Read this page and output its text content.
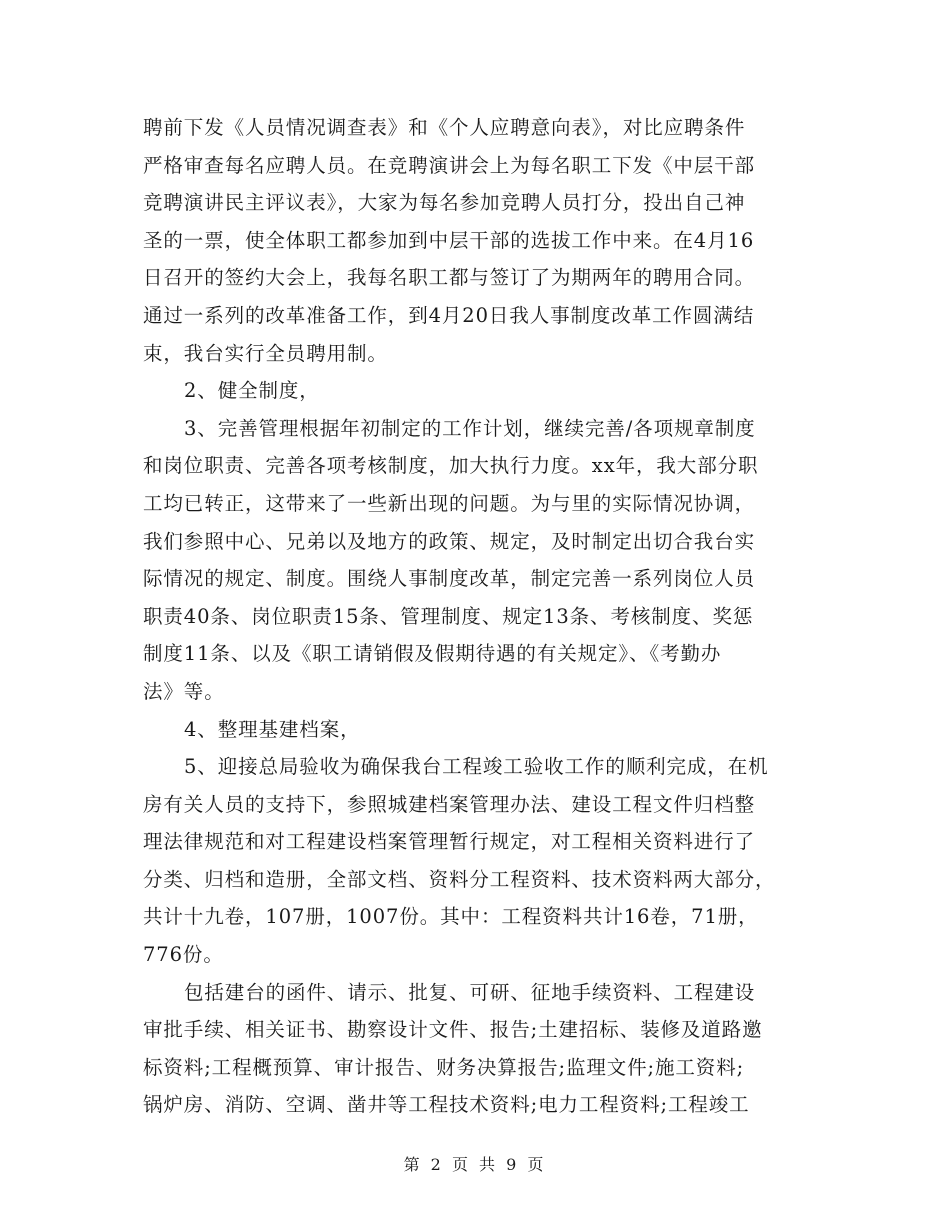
聘前下发《人员情况调查表》和《个人应聘意向表》，对比应聘条件
严格审查每名应聘人员。在竞聘演讲会上为每名职工下发《中层干部
竞聘演讲民主评议表》，大家为每名参加竞聘人员打分，投出自己神
圣的一票，使全体职工都参加到中层干部的选拔工作中来。在4月16
日召开的签约大会上，我每名职工都与签订了为期两年的聘用合同。
通过一系列的改革准备工作，到4月20日我人事制度改革工作圆满结
束，我台实行全员聘用制。
2、健全制度，
3、完善管理根据年初制定的工作计划，继续完善/各项规章制度
和岗位职责、完善各项考核制度，加大执行力度。xx年，我大部分职
工均已转正，这带来了一些新出现的问题。为与里的实际情况协调，
我们参照中心、兄弟以及地方的政策、规定，及时制定出切合我台实
际情况的规定、制度。围绕人事制度改革，制定完善一系列岗位人员
职责40条、岗位职责15条、管理制度、规定13条、考核制度、奖惩
制度11条、以及《职工请销假及假期待遇的有关规定》、《考勤办
法》等。
4、整理基建档案，
5、迎接总局验收为确保我台工程竣工验收工作的顺利完成，在机
房有关人员的支持下，参照城建档案管理办法、建设工程文件归档整
理法律规范和对工程建设档案管理暂行规定，对工程相关资料进行了
分类、归档和造册，全部文档、资料分工程资料、技术资料两大部分，
共计十九卷，107册，1007份。其中：工程资料共计16卷，71册，
776份。
包括建台的函件、请示、批复、可研、征地手续资料、工程建设
审批手续、相关证书、勘察设计文件、报告;土建招标、装修及道路邀
标资料;工程概预算、审计报告、财务决算报告;监理文件;施工资料;
锅炉房、消防、空调、凿井等工程技术资料;电力工程资料;工程竣工
第 2 页 共 9 页
